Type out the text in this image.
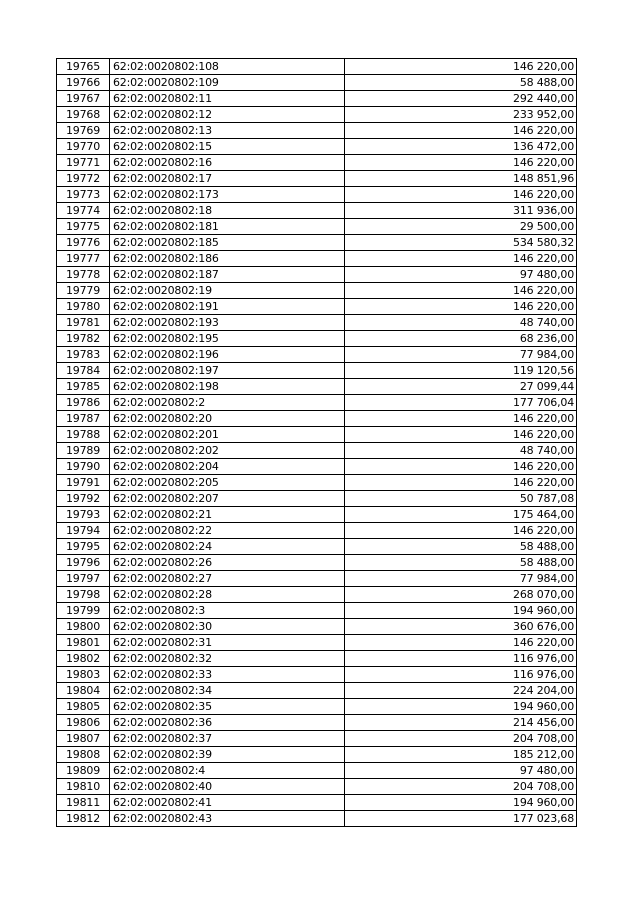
19765	62:02:0020802:108	146 220,00
19766	62:02:0020802:109	58 488,00
19767	62:02:0020802:11	292 440,00
19768	62:02:0020802:12	233 952,00
19769	62:02:0020802:13	146 220,00
19770	62:02:0020802:15	136 472,00
19771	62:02:0020802:16	146 220,00
19772	62:02:0020802:17	148 851,96
19773	62:02:0020802:173	146 220,00
19774	62:02:0020802:18	311 936,00
19775	62:02:0020802:181	29 500,00
19776	62:02:0020802:185	534 580,32
19777	62:02:0020802:186	146 220,00
19778	62:02:0020802:187	97 480,00
19779	62:02:0020802:19	146 220,00
19780	62:02:0020802:191	146 220,00
19781	62:02:0020802:193	48 740,00
19782	62:02:0020802:195	68 236,00
19783	62:02:0020802:196	77 984,00
19784	62:02:0020802:197	119 120,56
19785	62:02:0020802:198	27 099,44
19786	62:02:0020802:2	177 706,04
19787	62:02:0020802:20	146 220,00
19788	62:02:0020802:201	146 220,00
19789	62:02:0020802:202	48 740,00
19790	62:02:0020802:204	146 220,00
19791	62:02:0020802:205	146 220,00
19792	62:02:0020802:207	50 787,08
19793	62:02:0020802:21	175 464,00
19794	62:02:0020802:22	146 220,00
19795	62:02:0020802:24	58 488,00
19796	62:02:0020802:26	58 488,00
19797	62:02:0020802:27	77 984,00
19798	62:02:0020802:28	268 070,00
19799	62:02:0020802:3	194 960,00
19800	62:02:0020802:30	360 676,00
19801	62:02:0020802:31	146 220,00
19802	62:02:0020802:32	116 976,00
19803	62:02:0020802:33	116 976,00
19804	62:02:0020802:34	224 204,00
19805	62:02:0020802:35	194 960,00
19806	62:02:0020802:36	214 456,00
19807	62:02:0020802:37	204 708,00
19808	62:02:0020802:39	185 212,00
19809	62:02:0020802:4	97 480,00
19810	62:02:0020802:40	204 708,00
19811	62:02:0020802:41	194 960,00
19812	62:02:0020802:43	177 023,68
